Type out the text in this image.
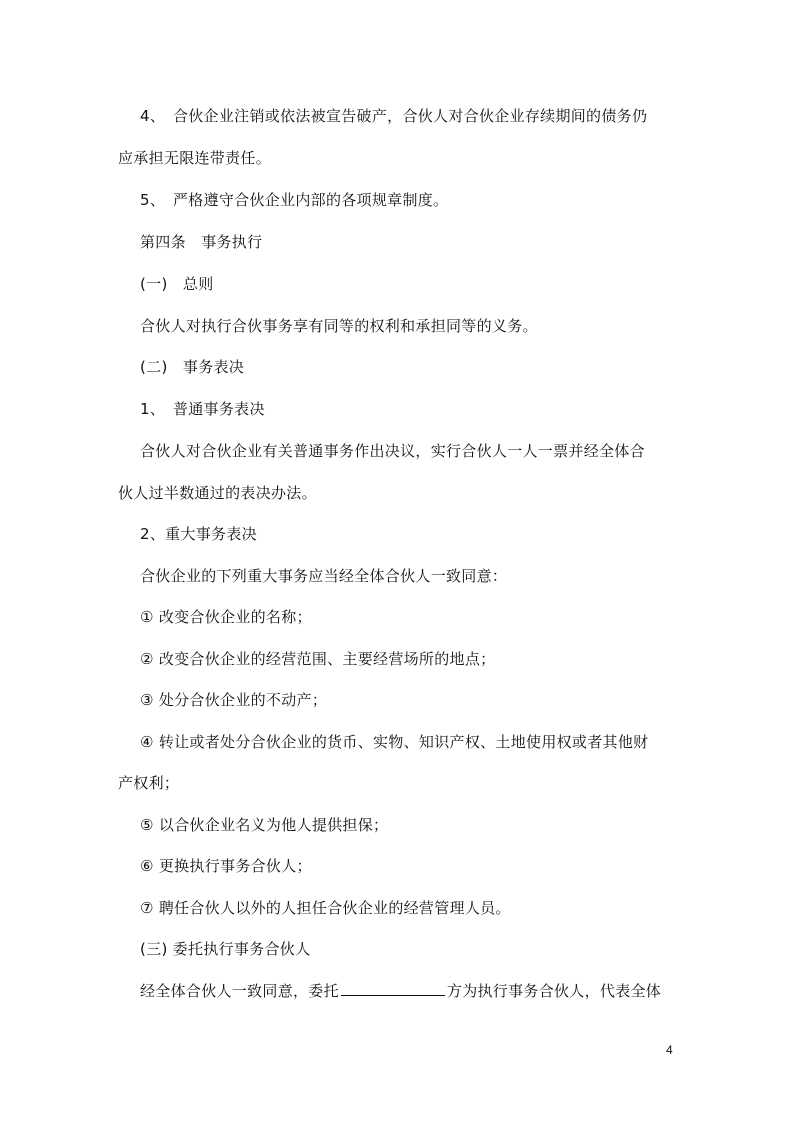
4、　合伙企业注销或依法被宣告破产，合伙人对合伙企业存续期间的债务仍
应承担无限连带责任。
5、　严格遵守合伙企业内部的各项规章制度。
第四条　事务执行
(一)　总则
合伙人对执行合伙事务享有同等的权利和承担同等的义务。
(二)　事务表决
1、　普通事务表决
合伙人对合伙企业有关普通事务作出决议，实行合伙人一人一票并经全体合
伙人过半数通过的表决办法。
2、重大事务表决
合伙企业的下列重大事务应当经全体合伙人一致同意：
① 改变合伙企业的名称；
② 改变合伙企业的经营范围、主要经营场所的地点；
③ 处分合伙企业的不动产；
④ 转让或者处分合伙企业的货币、实物、知识产权、土地使用权或者其他财
产权利；
⑤ 以合伙企业名义为他人提供担保；
⑥ 更换执行事务合伙人；
⑦ 聘任合伙人以外的人担任合伙企业的经营管理人员。
(三) 委托执行事务合伙人
经全体合伙人一致同意，委托	方为执行事务合伙人，代表全体
4
